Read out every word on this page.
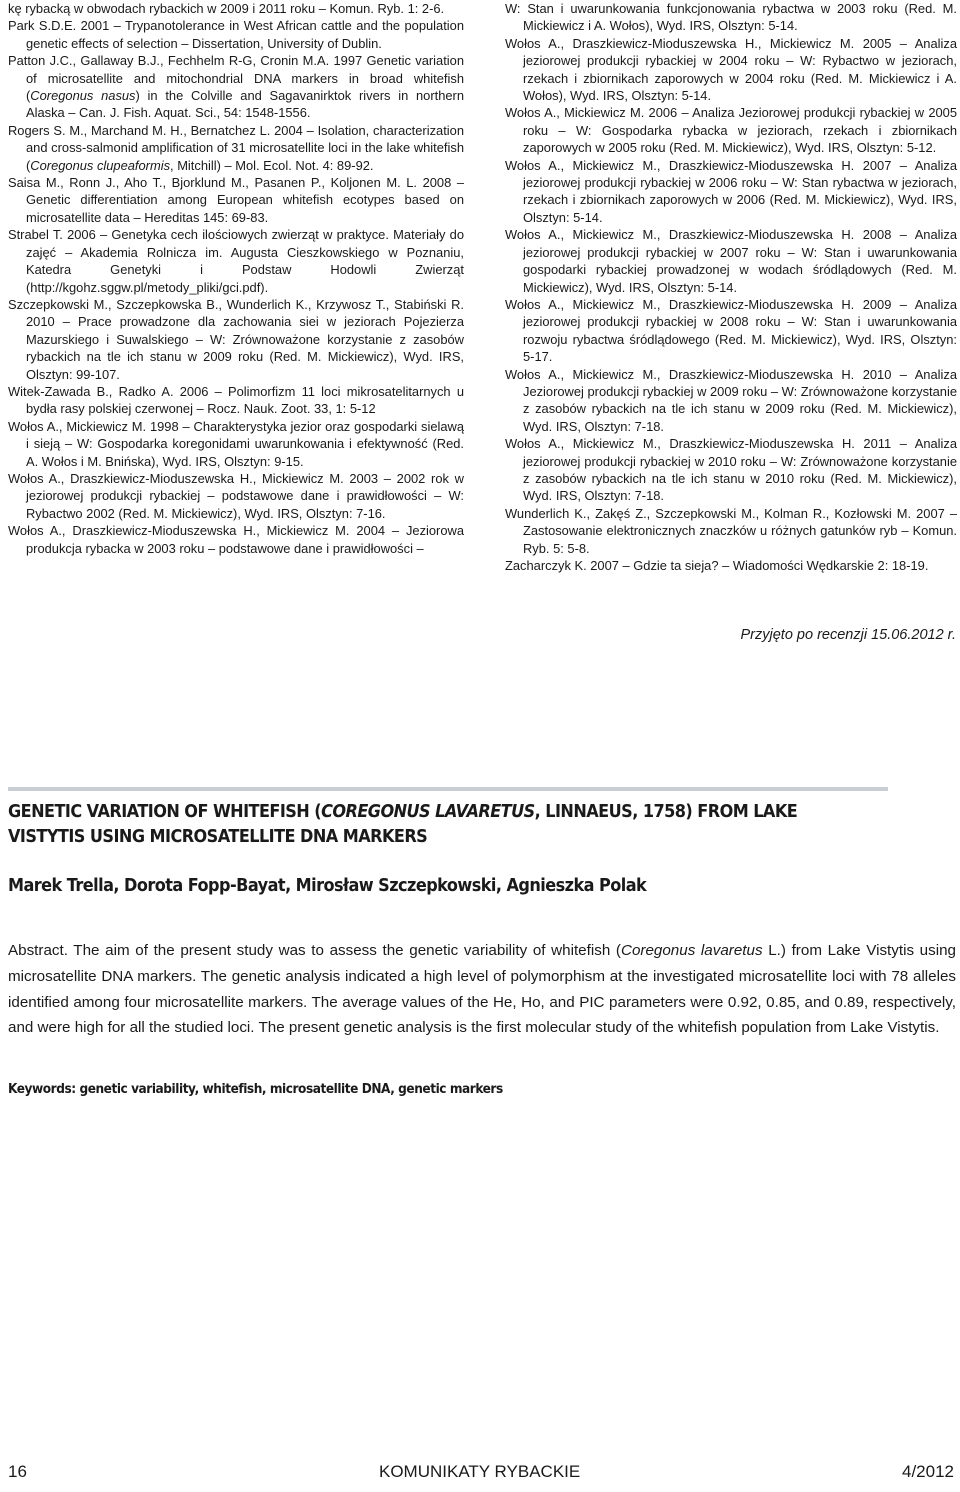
kę rybacką w obwodach rybackich w 2009 i 2011 roku – Komun. Ryb. 1: 2-6.

Park S.D.E. 2001 – Trypanotolerance in West African cattle and the population genetic effects of selection – Dissertation, University of Dublin.

Patton J.C., Gallaway B.J., Fechhelm R-G, Cronin M.A. 1997 Genetic variation of microsatellite and mitochondrial DNA markers in broad whitefish (Coregonus nasus) in the Colville and Sagavanirktok rivers in northern Alaska – Can. J. Fish. Aquat. Sci., 54: 1548-1556.

Rogers S. M., Marchand M. H., Bernatchez L. 2004 – Isolation, characterization and cross-salmonid amplification of 31 microsatellite loci in the lake whitefish (Coregonus clupeaformis, Mitchill) – Mol. Ecol. Not. 4: 89-92.

Saisa M., Ronn J., Aho T., Bjorklund M., Pasanen P., Koljonen M. L. 2008 – Genetic differentiation among European whitefish ecotypes based on microsatellite data – Hereditas 145: 69-83.

Strabel T. 2006 – Genetyka cech ilościowych zwierząt w praktyce. Materiały do zajęć – Akademia Rolnicza im. Augusta Cieszkowskiego w Poznaniu, Katedra Genetyki i Podstaw Hodowli Zwierząt (http://kgohz.sggw.pl/metody_pliki/gci.pdf).

Szczepkowski M., Szczepkowska B., Wunderlich K., Krzywosz T., Stabiński R. 2010 – Prace prowadzone dla zachowania siei w jeziorach Pojezierza Mazurskiego i Suwalskiego – W: Zrównoważone korzystanie z zasobów rybackich na tle ich stanu w 2009 roku (Red. M. Mickiewicz), Wyd. IRS, Olsztyn: 99-107.

Witek-Zawada B., Radko A. 2006 – Polimorfizm 11 loci mikrosatelitarnych u bydła rasy polskiej czerwonej – Rocz. Nauk. Zoot. 33, 1: 5-12

Wołos A., Mickiewicz M. 1998 – Charakterystyka jezior oraz gospodarki sielawą i sieją – W: Gospodarka koregonidami uwarunkowania i efektywność (Red. A. Wołos i M. Bnińska), Wyd. IRS, Olsztyn: 9-15.

Wołos A., Draszkiewicz-Mioduszewska H., Mickiewicz M. 2003 – 2002 rok w jeziorowej produkcji rybackiej – podstawowe dane i prawidłowości – W: Rybactwo 2002 (Red. M. Mickiewicz), Wyd. IRS, Olsztyn: 7-16.

Wołos A., Draszkiewicz-Mioduszewska H., Mickiewicz M. 2004 – Jeziorowa produkcja rybacka w 2003 roku – podstawowe dane i prawidłowości –

W: Stan i uwarunkowania funkcjonowania rybactwa w 2003 roku (Red. M. Mickiewicz i A. Wołos), Wyd. IRS, Olsztyn: 5-14.

Wołos A., Draszkiewicz-Mioduszewska H., Mickiewicz M. 2005 – Analiza jeziorowej produkcji rybackiej w 2004 roku – W: Rybactwo w jeziorach, rzekach i zbiornikach zaporowych w 2004 roku (Red. M. Mickiewicz i A. Wołos), Wyd. IRS, Olsztyn: 5-14.

Wołos A., Mickiewicz M. 2006 – Analiza Jeziorowej produkcji rybackiej w 2005 roku – W: Gospodarka rybacka w jeziorach, rzekach i zbiornikach zaporowych w 2005 roku (Red. M. Mickiewicz), Wyd. IRS, Olsztyn: 5-12.

Wołos A., Mickiewicz M., Draszkiewicz-Mioduszewska H. 2007 – Analiza jeziorowej produkcji rybackiej w 2006 roku – W: Stan rybactwa w jeziorach, rzekach i zbiornikach zaporowych w 2006 (Red. M. Mickiewicz), Wyd. IRS, Olsztyn: 5-14.

Wołos A., Mickiewicz M., Draszkiewicz-Mioduszewska H. 2008 – Analiza jeziorowej produkcji rybackiej w 2007 roku – W: Stan i uwarunkowania gospodarki rybackiej prowadzonej w wodach śródlądowych (Red. M. Mickiewicz), Wyd. IRS, Olsztyn: 5-14.

Wołos A., Mickiewicz M., Draszkiewicz-Mioduszewska H. 2009 – Analiza jeziorowej produkcji rybackiej w 2008 roku – W: Stan i uwarunkowania rozwoju rybactwa śródlądowego (Red. M. Mickiewicz), Wyd. IRS, Olsztyn: 5-17.

Wołos A., Mickiewicz M., Draszkiewicz-Mioduszewska H. 2010 – Analiza Jeziorowej produkcji rybackiej w 2009 roku – W: Zrównoważone korzystanie z zasobów rybackich na tle ich stanu w 2009 roku (Red. M. Mickiewicz), Wyd. IRS, Olsztyn: 7-18.

Wołos A., Mickiewicz M., Draszkiewicz-Mioduszewska H. 2011 – Analiza jeziorowej produkcji rybackiej w 2010 roku – W: Zrównoważone korzystanie z zasobów rybackich na tle ich stanu w 2010 roku (Red. M. Mickiewicz), Wyd. IRS, Olsztyn: 7-18.

Wunderlich K., Zakęś Z., Szczepkowski M., Kolman R., Kozłowski M. 2007 – Zastosowanie elektronicznych znaczków u różnych gatunków ryb – Komun. Ryb. 5: 5-8.

Zacharczyk K. 2007 – Gdzie ta sieja? – Wiadomości Wędkarskie 2: 18-19.

Przyjęto po recenzji 15.06.2012 r.
GENETIC VARIATION OF WHITEFISH (COREGONUS LAVARETUS, LINNAEUS, 1758) FROM LAKE VISTYTIS USING MICROSATELLITE DNA MARKERS
Marek Trella, Dorota Fopp-Bayat, Mirosław Szczepkowski, Agnieszka Polak

Abstract. The aim of the present study was to assess the genetic variability of whitefish (Coregonus lavaretus L.) from Lake Vistytis using microsatellite DNA markers. The genetic analysis indicated a high level of polymorphism at the investigated microsatellite loci with 78 alleles identified among four microsatellite markers. The average values of the He, Ho, and PIC parameters were 0.92, 0.85, and 0.89, respectively, and were high for all the studied loci. The present genetic analysis is the first molecular study of the whitefish population from Lake Vistytis.

Keywords: genetic variability, whitefish, microsatellite DNA, genetic markers
16	KOMUNIKATY RYBACKIE	4/2012
